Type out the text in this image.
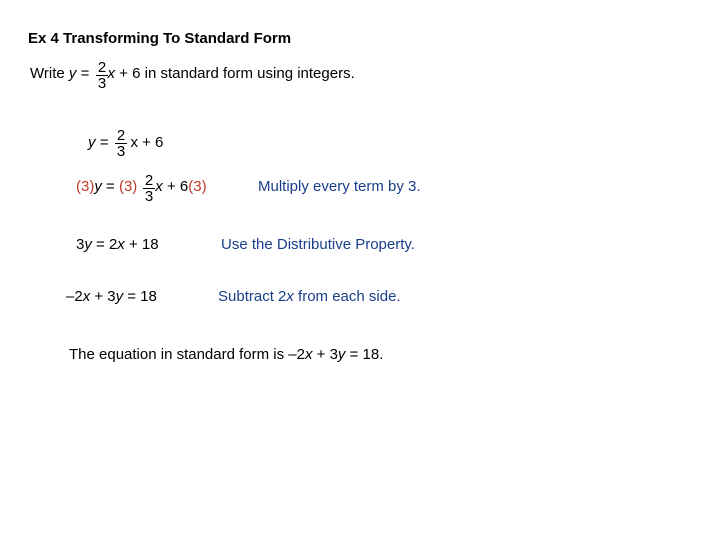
Ex 4 Transforming To Standard Form
Write y = x + 6 in standard form using integers.
$\frac{2}{3}$
y = x + 6
$\frac{2}{3}$
(3)y = (3) x + 6(3)
$\frac{2}{3}$	Multiply every term by 3.
3y = 2x + 18	Use the Distributive Property.
–2x + 3y = 18	Subtract 2x from each side.
The equation in standard form is –2x + 3y = 18.
